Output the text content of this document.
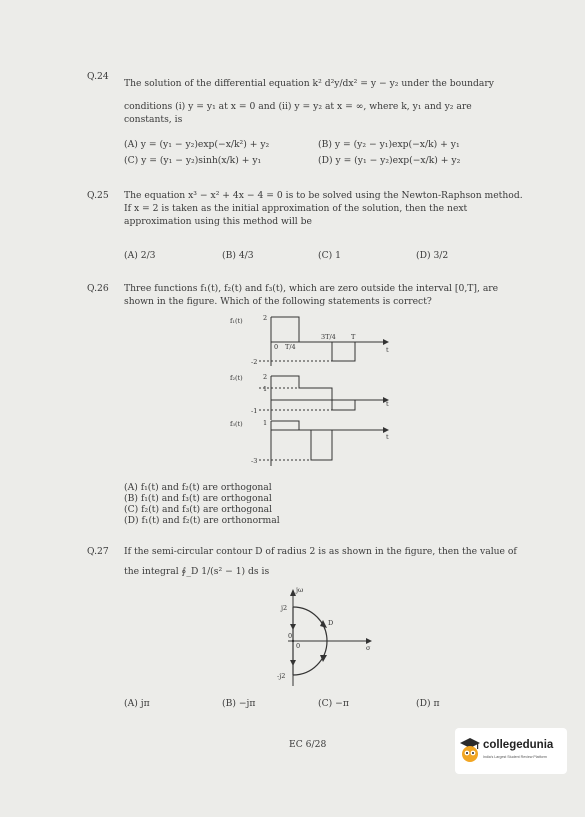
Q.24
The solution of the differential equation k² d²y/dx² = y − y₂ under the boundary
conditions (i) y = y₁ at x = 0 and (ii) y = y₂ at x = ∞, where k, y₁ and y₂ are
constants, is
(A) y = (y₁ − y₂)exp(−x/k²) + y₂	(B) y = (y₂ − y₁)exp(−x/k) + y₁
(C) y = (y₁ − y₂)sinh(x/k) + y₁	(D) y = (y₁ − y₂)exp(−x/k) + y₂
Q.25 The equation x³ − x² + 4x − 4 = 0 is to be solved using the Newton-Raphson method.
If x = 2 is taken as the initial approximation of the solution, then the next
approximation using this method will be
(A) 2/3	(B) 4/3	(C) 1	(D) 3/2
Q.26 Three functions f₁(t), f₂(t) and f₃(t), which are zero outside the interval [0,T], are
shown in the figure. Which of the following statements is correct?
f₁(t)	2
0 T/4
3T/4 T
t
-2
f₂(t)	2
1
t
-1
f₃(t)	1
t
-3
(A) f₁(t) and f₂(t) are orthogonal
(B) f₁(t) and f₃(t) are orthogonal
(C) f₂(t) and f₃(t) are orthogonal
(D) f₁(t) and f₂(t) are orthonormal
Q.27 If the semi-circular contour D of radius 2 is as shown in the figure, then the value of
the integral ∮_D 1/(s² − 1) ds is
jω
j2
0
0
D
σ
-j2
(A) jπ	(B) −jπ	(C) −π	(D) π
EC 6/28	collegedunia
India's Largest Student Review Platform
